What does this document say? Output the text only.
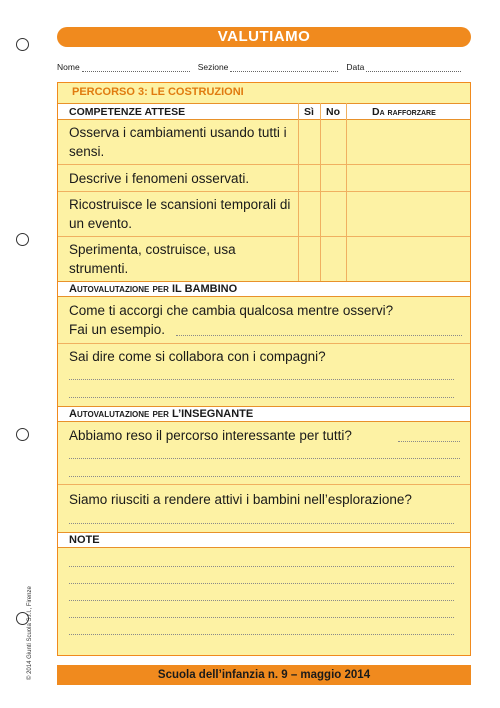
VALUTIAMO
Nome	Sezione	Data
PERCORSO 3: LE COSTRUZIONI
COMPETENZE ATTESE	Sì No	Da rafforzare
Osserva i cambiamenti usando tutti i sensi.
Descrive i fenomeni osservati.
Ricostruisce le scansioni temporali di un evento.
Sperimenta, costruisce, usa strumenti.
Autovalutazione per IL BAMBINO
Come ti accorgi che cambia qualcosa mentre osservi?
Fai un esempio.
Sai dire come si collabora con i compagni?
Autovalutazione per L’INSEGNANTE
Abbiamo reso il percorso interessante per tutti?
Siamo riusciti a rendere attivi i bambini nell’esplorazione?
NOTE
Scuola dell’infanzia n. 9 – maggio 2014
© 2014 Giunti Scuola S.r.l., Firenze
